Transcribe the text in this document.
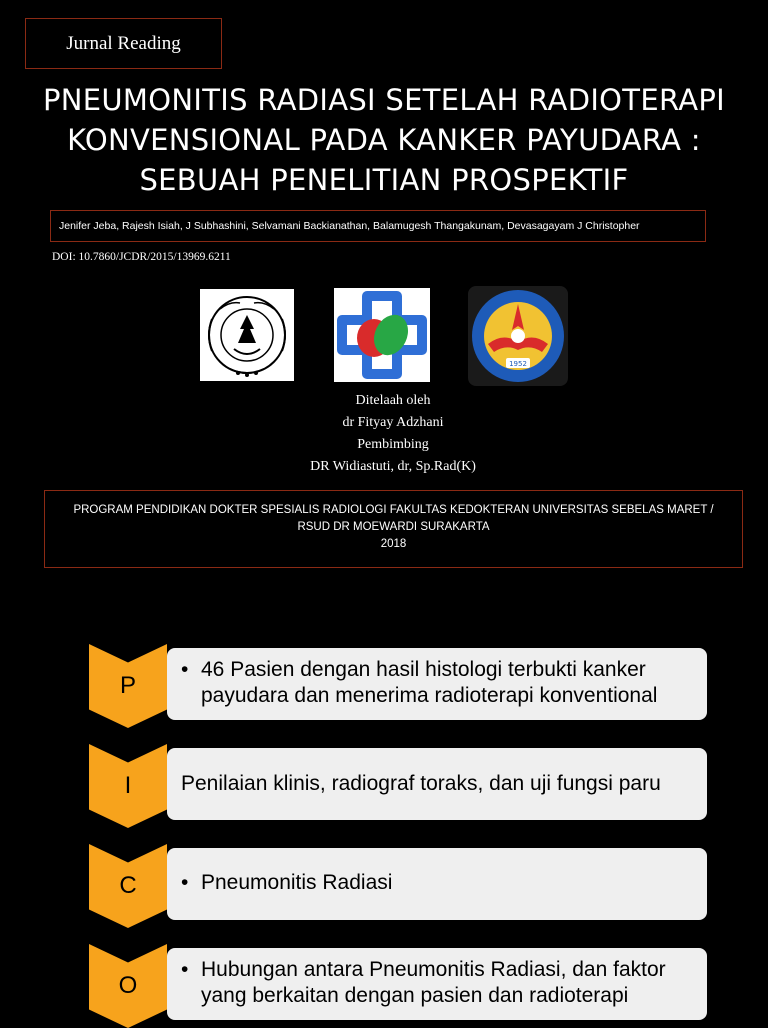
Jurnal Reading
PNEUMONITIS RADIASI SETELAH RADIOTERAPI
KONVENSIONAL PADA KANKER PAYUDARA :
SEBUAH PENELITIAN PROSPEKTIF
Jenifer Jeba, Rajesh Isiah, J Subhashini, Selvamani Backianathan, Balamugesh Thangakunam, Devasagayam J Christopher
DOI: 10.7860/JCDR/2015/13969.6211
1952
Ditelaah oleh
dr Fityay Adzhani
Pembimbing
DR Widiastuti, dr, Sp.Rad(K)
PROGRAM PENDIDIKAN DOKTER SPESIALIS RADIOLOGI FAKULTAS KEDOKTERAN UNIVERSITAS SEBELAS MARET /
RSUD DR MOEWARDI SURAKARTA
2018
P
• 46 Pasien dengan hasil histologi terbukti kanker
payudara dan menerima radioterapi konventional
I	Penilaian klinis, radiograf toraks, dan uji fungsi paru
C	• Pneumonitis Radiasi
O
• Hubungan antara Pneumonitis Radiasi, dan faktor
yang berkaitan dengan pasien dan radioterapi
